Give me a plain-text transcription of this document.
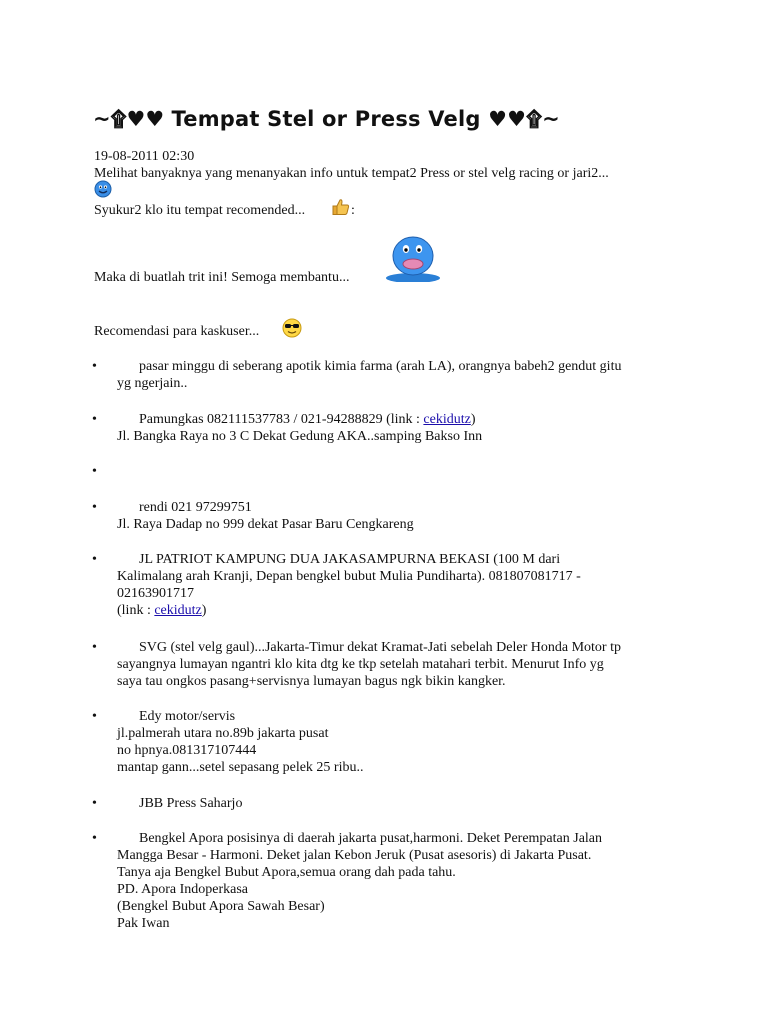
~۩♥♥ Tempat Stel or Press Velg ♥♥۩~
19-08-2011 02:30
Melihat banyaknya yang menanyakan info untuk tempat2 Press or stel velg racing or jari2...
Syukur2 klo itu tempat recomended...	:
Maka di buatlah trit ini! Semoga membantu...
Recomendasi para kaskuser...
•	pasar minggu di seberang apotik kimia farma (arah LA), orangnya babeh2 gendut gitu
yg ngerjain..
•	Pamungkas 082111537783 / 021-94288829 (link : cekidutz)
Jl. Bangka Raya no 3 C Dekat Gedung AKA..samping Bakso Inn
•
•	rendi 021 97299751
Jl. Raya Dadap no 999 dekat Pasar Baru Cengkareng
•	JL PATRIOT KAMPUNG DUA JAKASAMPURNA BEKASI (100 M dari
Kalimalang arah Kranji, Depan bengkel bubut Mulia Pundiharta). 081807081717 -
02163901717
(link : cekidutz)
•	SVG (stel velg gaul)...Jakarta-Timur dekat Kramat-Jati sebelah Deler Honda Motor tp
sayangnya lumayan ngantri klo kita dtg ke tkp setelah matahari terbit. Menurut Info yg
saya tau ongkos pasang+servisnya lumayan bagus ngk bikin kangker.
•	Edy motor/servis
jl.palmerah utara no.89b jakarta pusat
no hpnya.081317107444
mantap gann...setel sepasang pelek 25 ribu..
•	JBB Press Saharjo
•	Bengkel Apora posisinya di daerah jakarta pusat,harmoni. Deket Perempatan Jalan
Mangga Besar - Harmoni. Deket jalan Kebon Jeruk (Pusat asesoris) di Jakarta Pusat.
Tanya aja Bengkel Bubut Apora,semua orang dah pada tahu.
PD. Apora Indoperkasa
(Bengkel Bubut Apora Sawah Besar)
Pak Iwan
